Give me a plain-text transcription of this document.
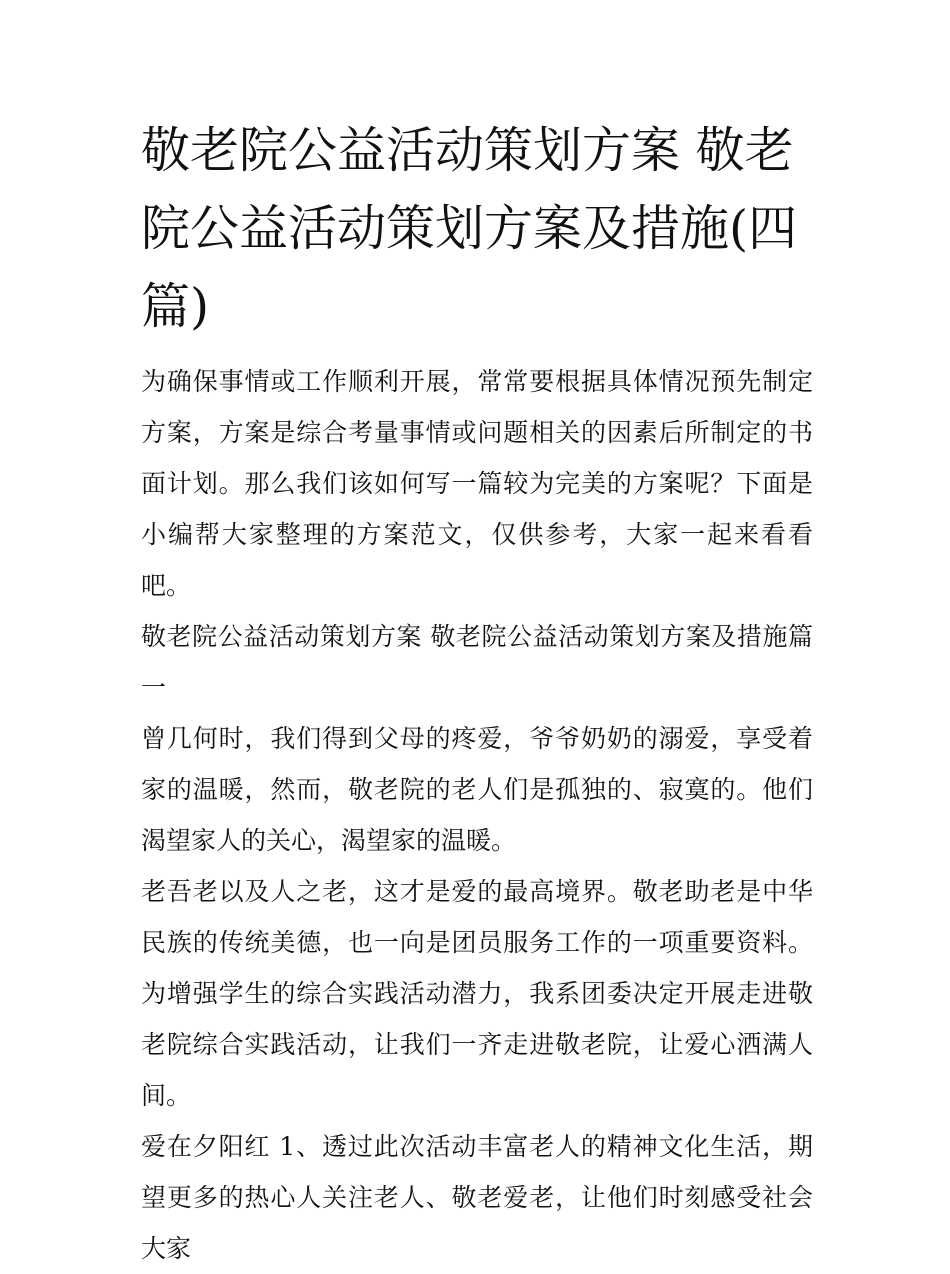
敬老院公益活动策划方案 敬老院公益活动策划方案及措施(四篇)

为确保事情或工作顺利开展，常常要根据具体情况预先制定方案，方案是综合考量事情或问题相关的因素后所制定的书面计划。那么我们该如何写一篇较为完美的方案呢？下面是小编帮大家整理的方案范文，仅供参考，大家一起来看看吧。

敬老院公益活动策划方案 敬老院公益活动策划方案及措施篇一

曾几何时，我们得到父母的疼爱，爷爷奶奶的溺爱，享受着家的温暖，然而，敬老院的老人们是孤独的、寂寞的。他们渴望家人的关心，渴望家的温暖。

老吾老以及人之老，这才是爱的最高境界。敬老助老是中华民族的传统美德，也一向是团员服务工作的一项重要资料。为增强学生的综合实践活动潜力，我系团委决定开展走进敬老院综合实践活动，让我们一齐走进敬老院，让爱心洒满人间。

爱在夕阳红 1、透过此次活动丰富老人的精神文化生活，期望更多的热心人关注老人、敬老爱老，让他们时刻感受社会大家
